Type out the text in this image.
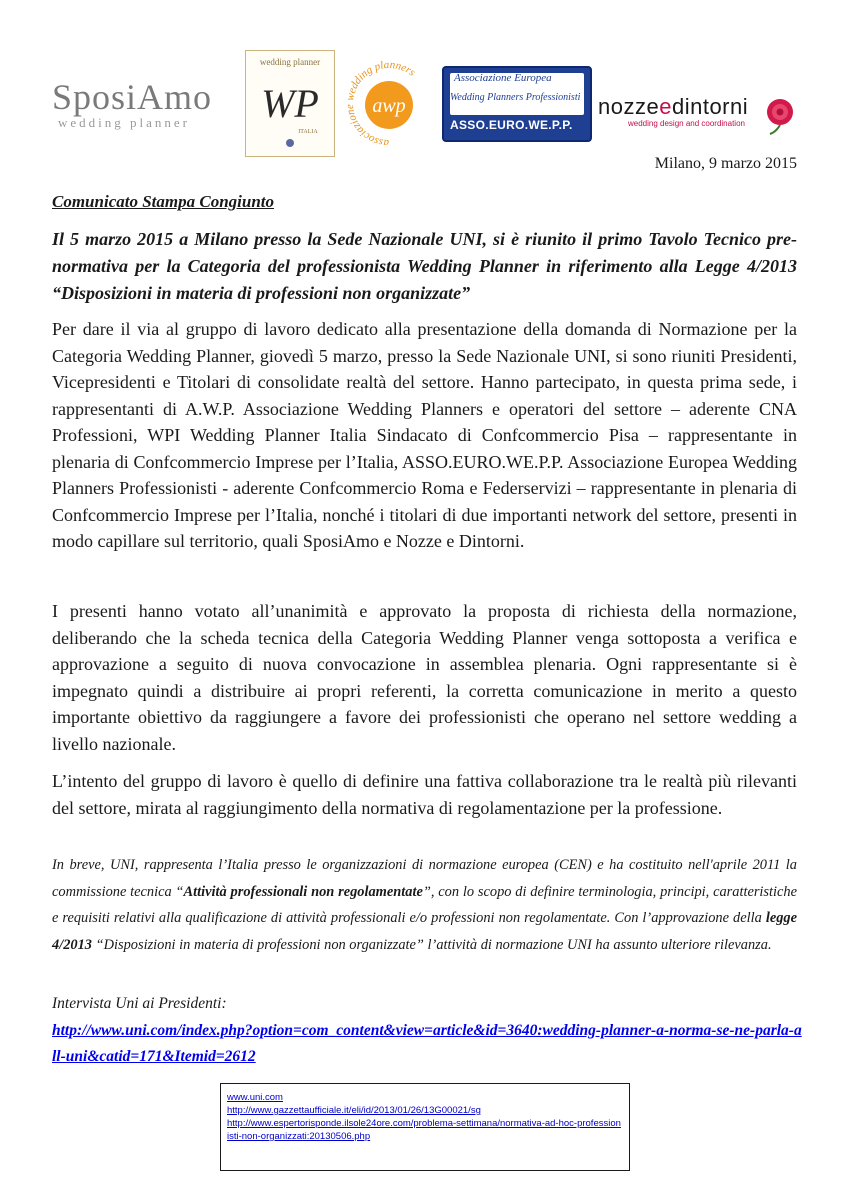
SposiAmo
wedding planner
wedding planner
WP
ITALIA
associazio edding planners
awp
Associazione Europea
Wedding Planners Professionisti
ASSO.EURO.WE.P.P.
nozzeedintorni
wedding design and coordination
Milano, 9 marzo 2015
Comunicato Stampa Congiunto
Il 5 marzo 2015 a Milano presso la Sede Nazionale UNI, si è riunito il primo Tavolo Tecnico pre-normativa per la Categoria del professionista Wedding Planner in riferimento alla Legge 4/2013 “Disposizioni in materia di professioni non organizzate”
Per dare il via al gruppo di lavoro dedicato alla presentazione della domanda di Normazione per la Categoria Wedding Planner, giovedì 5 marzo, presso la Sede Nazionale UNI, si sono riuniti Presidenti, Vicepresidenti e Titolari di consolidate realtà del settore. Hanno partecipato, in questa prima sede, i rappresentanti di A.W.P. Associazione Wedding Planners e operatori del settore – aderente CNA Professioni, WPI Wedding Planner Italia Sindacato di Confcommercio Pisa – rappresentante in plenaria di Confcommercio Imprese per l’Italia, ASSO.EURO.WE.P.P. Associazione Europea Wedding Planners Professionisti - aderente Confcommercio Roma e Federservizi – rappresentante in plenaria di Confcommercio Imprese per l’Italia, nonché i titolari di due importanti network del settore, presenti in modo capillare sul territorio, quali SposiAmo e Nozze e Dintorni.
I presenti hanno votato all’unanimità e approvato la proposta di richiesta della normazione, deliberando che la scheda tecnica della Categoria Wedding Planner venga sottoposta a verifica e approvazione a seguito di nuova convocazione in assemblea plenaria. Ogni rappresentante si è impegnato quindi a distribuire ai propri referenti, la corretta comunicazione in merito a questo importante obiettivo da raggiungere a favore dei professionisti che operano nel settore wedding a livello nazionale.
L’intento del gruppo di lavoro è quello di definire una fattiva collaborazione tra le realtà più rilevanti del settore, mirata al raggiungimento della normativa di regolamentazione per la professione.
In breve, UNI, rappresenta l’Italia presso le organizzazioni di normazione europea (CEN) e ha costituito nell'aprile 2011 la commissione tecnica “Attività professionali non regolamentate”, con lo scopo di definire terminologia, principi, caratteristiche e requisiti relativi alla qualificazione di attività professionali e/o professioni non regolamentate. Con l’approvazione della legge 4/2013 “Disposizioni in materia di professioni non organizzate” l’attività di normazione UNI ha assunto ulteriore rilevanza.
Intervista Uni ai Presidenti:
http://www.uni.com/index.php?option=com_content&view=article&id=3640:wedding-planner-a-norma-se-ne-parla-all-uni&catid=171&Itemid=2612
www.uni.com
http://www.gazzettaufficiale.it/eli/id/2013/01/26/13G00021/sg
http://www.espertorisponde.ilsole24ore.com/problema-settimana/normativa-ad-hoc-professionisti-non-organizzati:20130506.php
